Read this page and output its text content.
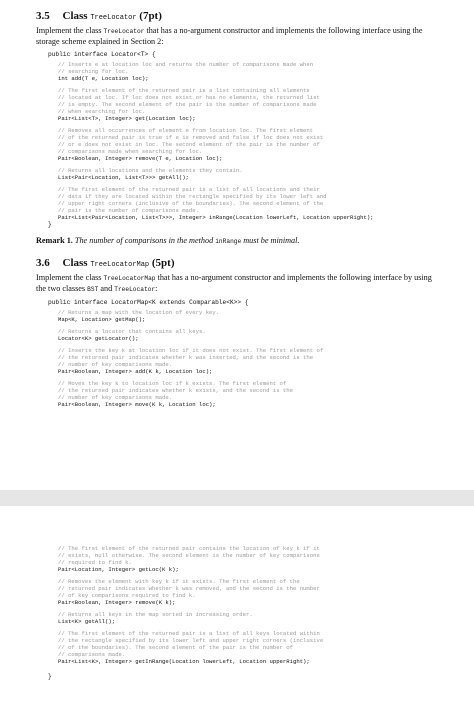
3.5 Class TreeLocator (7pt)

Implement the class TreeLocator that has a no-argument constructor and implements the following interface using the storage scheme explained in Section 2:

public interface Locator<T> {
// Inserts e at location loc and returns the number of comparisons made when
// searching for loc.
int add(T e, Location loc);
// The first element of the returned pair is a list containing all elements
// located at loc. If loc does not exist or has no elements, the returned list
// is empty. The second element of the pair is the number of comparisons made
// when searching for loc.
Pair<List<T>, Integer> get(Location loc);
// Removes all occurrences of element e from location loc. The first element
// of the returned pair is true if e is removed and false if loc does not exist
// or e does not exist in loc. The second element of the pair is the number of
// comparisons made when searching for loc.
Pair<Boolean, Integer> remove(T e, Location loc);
// Returns all locations and the elements they contain.
List<Pair<Location, List<T>>> getAll();
// The first element of the returned pair is a list of all locations and their
// data if they are located within the rectangle specified by its lower left and
// upper right corners (inclusive of the boundaries). The second element of the
// pair is the number of comparisons made.
Pair<List<Pair<Location, List<T>>>, Integer> inRange(Location lowerLeft, Location upperRight);
}

Remark 1. The number of comparisons in the method inRange must be minimal.

3.6 Class TreeLocatorMap (5pt)

Implement the class TreeLocatorMap that has a no-argument constructor and implements the following interface by using the two classes BST and TreeLocator:

public interface LocatorMap<K extends Comparable<K>> {
// Returns a map with the location of every key.
Map<K, Location> getMap();
// Returns a locator that contains all keys.
Locator<K> getLocator();
// Inserts the key k at location loc if it does not exist. The first element of
// the returned pair indicates whether k was inserted, and the second is the
// number of key comparisons made.
Pair<Boolean, Integer> add(K k, Location loc);
// Moves the key k to location loc if k exists. The first element of
// the returned pair indicates whether k exists, and the second is the
// number of key comparisons made.
Pair<Boolean, Integer> move(K k, Location loc);
// The first element of the returned pair contains the location of key k if it
// exists, null otherwise. The second element is the number of key comparisons
// required to find k.
Pair<Location, Integer> getLoc(K k);
// Removes the element with key k if it exists. The first element of the
// returned pair indicates whether k was removed, and the second is the number
// of key comparisons required to find k.
Pair<Boolean, Integer> remove(K k);
// Returns all keys in the map sorted in increasing order.
List<K> getAll();
// The first element of the returned pair is a list of all keys located within
// the rectangle specified by its lower left and upper right corners (inclusive
// of the boundaries). The second element of the pair is the number of
// comparisons made.
Pair<List<K>, Integer> getInRange(Location lowerLeft, Location upperRight);
}
